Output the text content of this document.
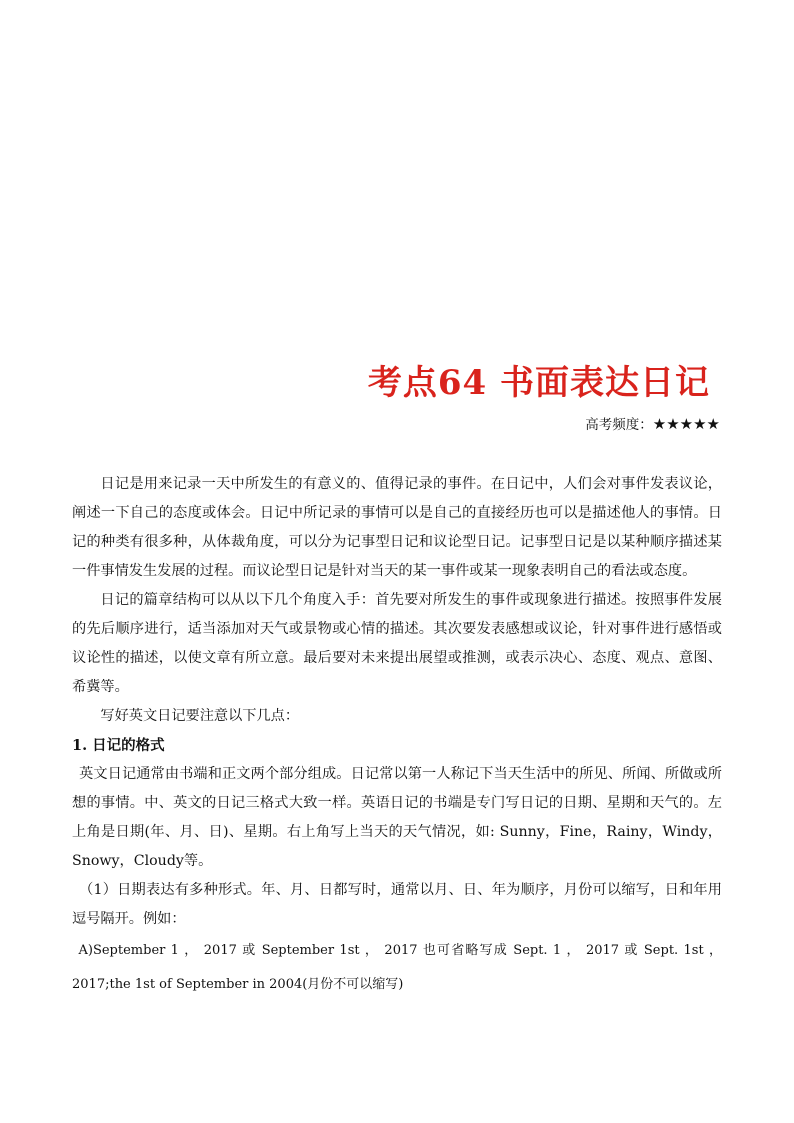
考点64 书面表达日记
高考频度：★★★★★

日记是用来记录一天中所发生的有意义的、值得记录的事件。在日记中，人们会对事件发表议论，阐述一下自己的态度或体会。日记中所记录的事情可以是自己的直接经历也可以是描述他人的事情。日记的种类有很多种，从体裁角度，可以分为记事型日记和议论型日记。记事型日记是以某种顺序描述某一件事情发生发展的过程。而议论型日记是针对当天的某一事件或某一现象表明自己的看法或态度。

日记的篇章结构可以从以下几个角度入手：首先要对所发生的事件或现象进行描述。按照事件发展的先后顺序进行，适当添加对天气或景物或心情的描述。其次要发表感想或议论，针对事件进行感悟或议论性的描述，以使文章有所立意。最后要对未来提出展望或推测，或表示决心、态度、观点、意图、希冀等。

写好英文日记要注意以下几点：

1. 日记的格式

英文日记通常由书端和正文两个部分组成。日记常以第一人称记下当天生活中的所见、所闻、所做或所想的事情。中、英文的日记三格式大致一样。英语日记的书端是专门写日记的日期、星期和天气的。左上角是日期(年、月、日)、星期。右上角写上当天的天气情况，如: Sunny，Fine，Rainy，Windy，Snowy，Cloudy等。

（1）日期表达有多种形式。年、月、日都写时，通常以月、日、年为顺序，月份可以缩写，日和年用逗号隔开。例如：

A)September 1 ， 2017 或 September 1st ， 2017 也可省略写成 Sept. 1 ， 2017 或 Sept. 1st ， 2017;the 1st of September in 2004(月份不可以缩写)
